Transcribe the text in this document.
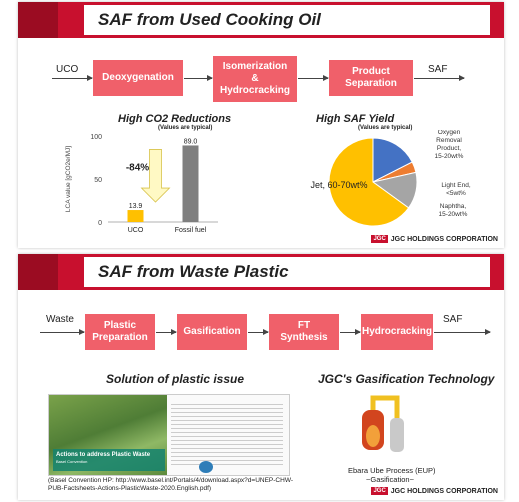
SAF from Used Cooking Oil
UCO
Deoxygenation
Isomerization
&
Hydrocracking
Product
Separation
SAF
High CO2 Reductions
(Values are typical)
0
50
100
LCA value [gCO2e/MJ]	13.9
UCO
89.0
Fossil fuel
-84%
High SAF Yield
(Values are typical)
Jet, 60-70wt%
Oxygen Removal Product, 15-20wt%
Light End, <5wt%
Naphtha, 15-20wt%
JGC JGC HOLDINGS CORPORATION
SAF from Waste Plastic
Waste
Plastic
Preparation
Gasification
FT
Synthesis
Hydrocracking
SAF
Solution of plastic issue	JGC's Gasification Technology
Actions to address Plastic Waste
Basel Convention
Ebara Ube Process (EUP)
~Gasification~
(Basel Convention HP: http://www.basel.int/Portals/4/download.aspx?d=UNEP-CHW-PUB-Factsheets-Actions-PlasticWaste-2020.English.pdf)	JGC JGC HOLDINGS CORPORATION
